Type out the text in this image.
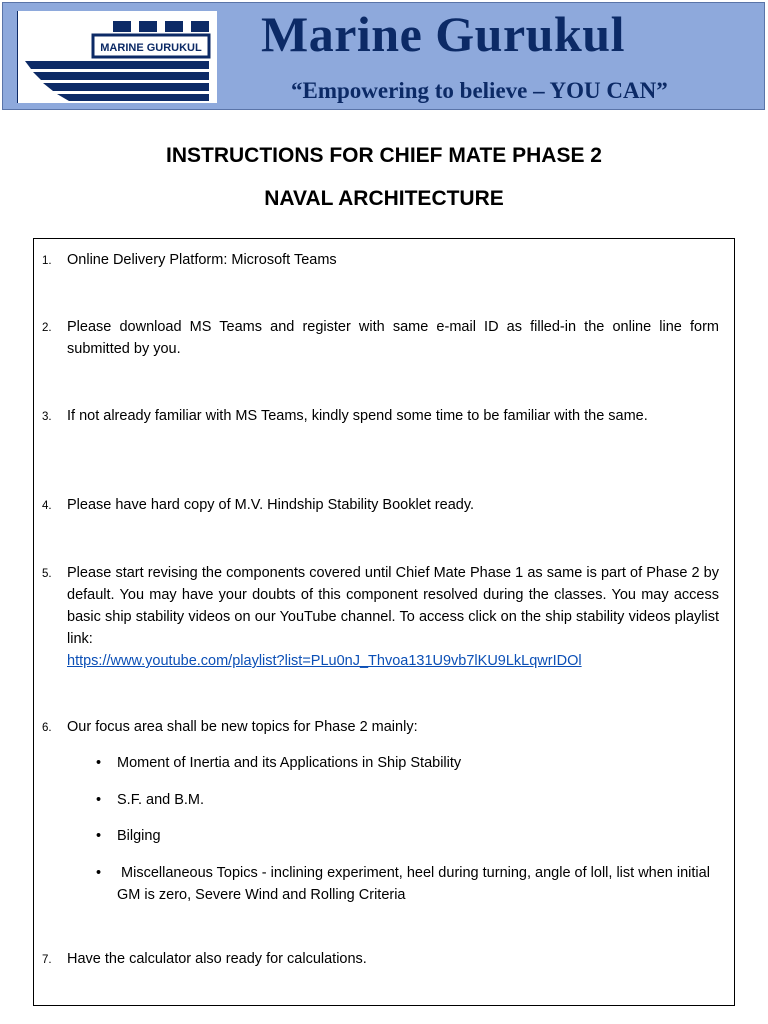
MARINE GURUKUL Marine Gurukul
“Empowering to believe – YOU CAN”
INSTRUCTIONS FOR CHIEF MATE PHASE 2
NAVAL ARCHITECTURE
1.	Online Delivery Platform: Microsoft Teams
2.	Please download MS Teams and register with same e-mail ID as filled-in the online line form submitted by you.
3.	If not already familiar with MS Teams, kindly spend some time to be familiar with the same.
4.	Please have hard copy of M.V. Hindship Stability Booklet ready.
5.	Please start revising the components covered until Chief Mate Phase 1 as same is part of Phase 2 by default. You may have your doubts of this component resolved during the classes. You may access basic ship stability videos on our YouTube channel. To access click on the ship stability videos playlist link:
https://www.youtube.com/playlist?list=PLu0nJ_Thvoa131U9vb7lKU9LkLqwrIDOl
6.	Our focus area shall be new topics for Phase 2 mainly:
•	Moment of Inertia and its Applications in Ship Stability
•	S.F. and B.M.
•	Bilging
•	Miscellaneous Topics - inclining experiment, heel during turning, angle of loll, list when initial GM is zero, Severe Wind and Rolling Criteria
7.	Have the calculator also ready for calculations.
